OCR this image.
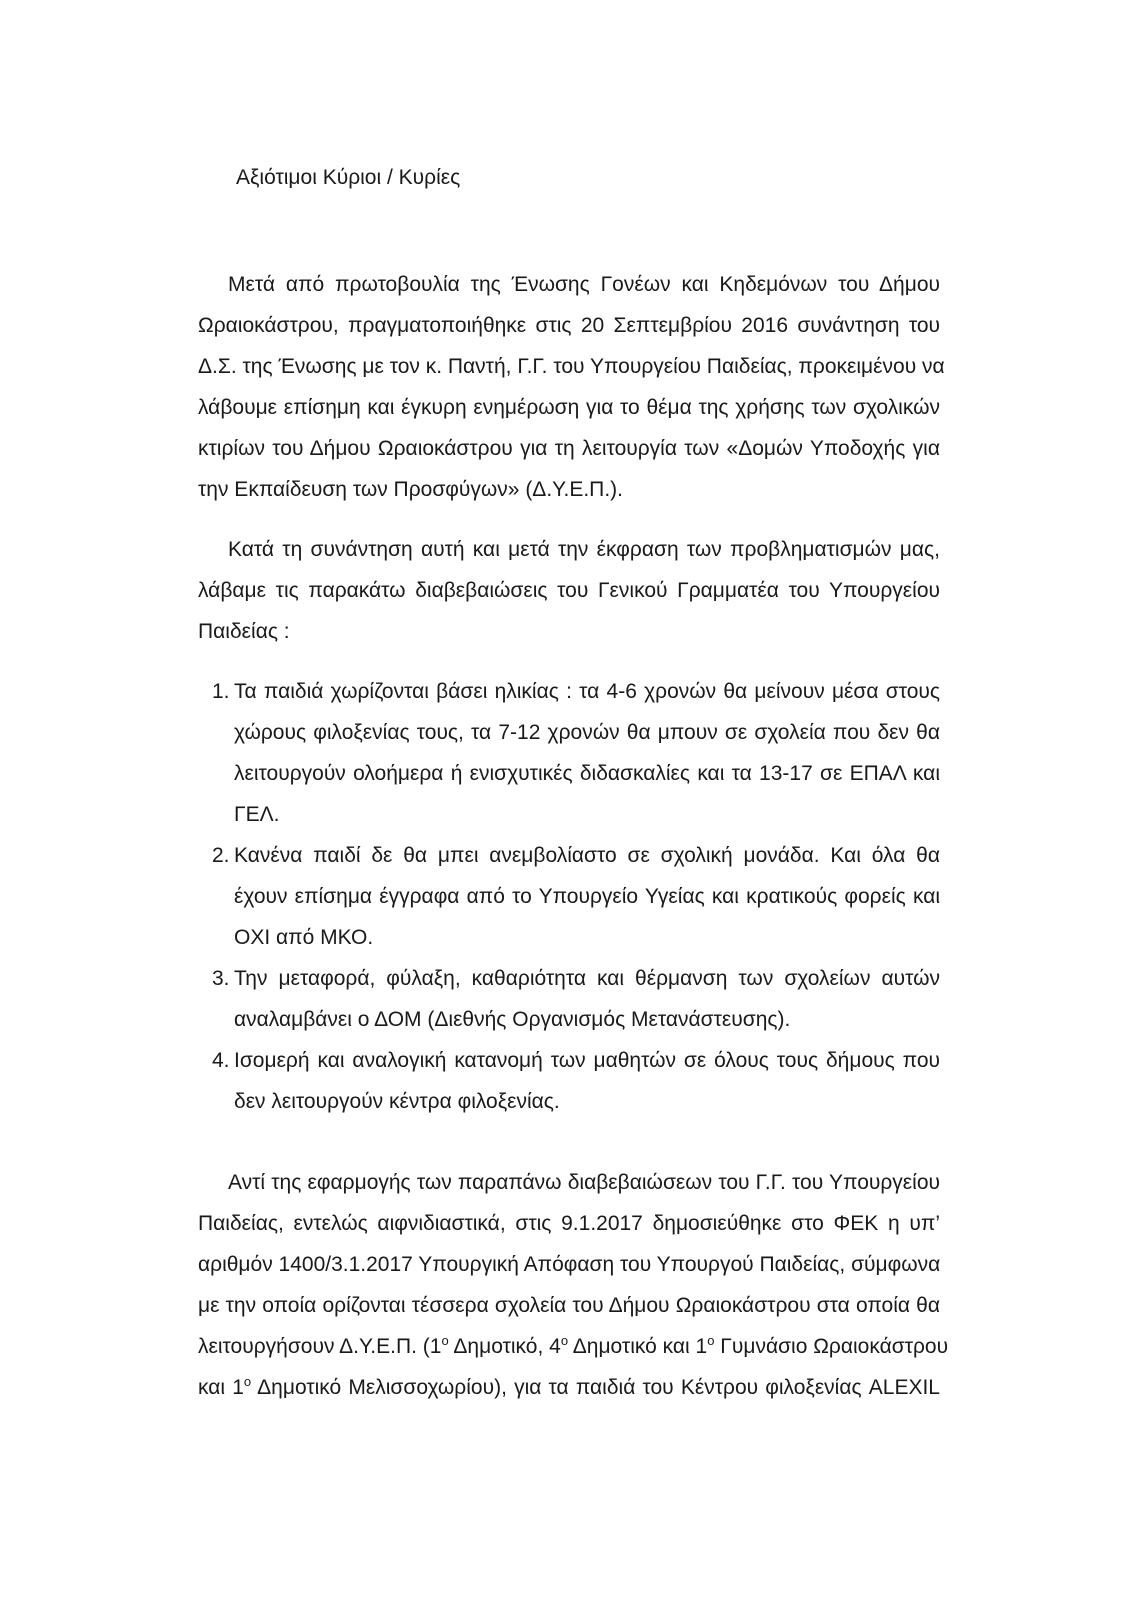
Αξιότιμοι Κύριοι / Κυρίες
Μετά από πρωτοβουλία της Ένωσης Γονέων και Κηδεμόνων του Δήμου
Ωραιοκάστρου, πραγματοποιήθηκε στις 20 Σεπτεμβρίου 2016 συνάντηση του
Δ.Σ. της Ένωσης με τον κ. Παντή, Γ.Γ. του Υπουργείου Παιδείας, προκειμένου να
λάβουμε επίσημη και έγκυρη ενημέρωση για το θέμα της χρήσης των σχολικών
κτιρίων του Δήμου Ωραιοκάστρου για τη λειτουργία των «Δομών Υποδοχής για
την Εκπαίδευση των Προσφύγων» (Δ.Υ.Ε.Π.).
Κατά τη συνάντηση αυτή και μετά την έκφραση των προβληματισμών μας,
λάβαμε τις παρακάτω διαβεβαιώσεις του Γενικού Γραμματέα του Υπουργείου
Παιδείας :
1. Τα παιδιά χωρίζονται βάσει ηλικίας : τα 4-6 χρονών θα μείνουν μέσα στους
χώρους φιλοξενίας τους, τα 7-12 χρονών θα μπουν σε σχολεία που δεν θα
λειτουργούν ολοήμερα ή ενισχυτικές διδασκαλίες και τα 13-17 σε ΕΠΑΛ και
ΓΕΛ.
2. Κανένα παιδί δε θα μπει ανεμβολίαστο σε σχολική μονάδα. Και όλα θα
έχουν επίσημα έγγραφα από το Υπουργείο Υγείας και κρατικούς φορείς και
ΟΧΙ από ΜΚΟ.
3. Την μεταφορά, φύλαξη, καθαριότητα και θέρμανση των σχολείων αυτών
αναλαμβάνει ο ΔΟΜ (Διεθνής Οργανισμός Μετανάστευσης).
4. Ισομερή και αναλογική κατανομή των μαθητών σε όλους τους δήμους που
δεν λειτουργούν κέντρα φιλοξενίας.
Αντί της εφαρμογής των παραπάνω διαβεβαιώσεων του Γ.Γ. του Υπουργείου
Παιδείας, εντελώς αιφνιδιαστικά, στις 9.1.2017 δημοσιεύθηκε στο ΦΕΚ η υπ’
αριθμόν 1400/3.1.2017 Υπουργική Απόφαση του Υπουργού Παιδείας, σύμφωνα
με την οποία ορίζονται τέσσερα σχολεία του Δήμου Ωραιοκάστρου στα οποία θα
λειτουργήσουν Δ.Υ.Ε.Π. ($1^o$ Δημοτικό, $4^o$ Δημοτικό και $1^o$ Γυμνάσιο Ωραιοκάστρου
και $1^o$ Δημοτικό Μελισσοχωρίου), για τα παιδιά του Κέντρου φιλοξενίας ALEXIL
